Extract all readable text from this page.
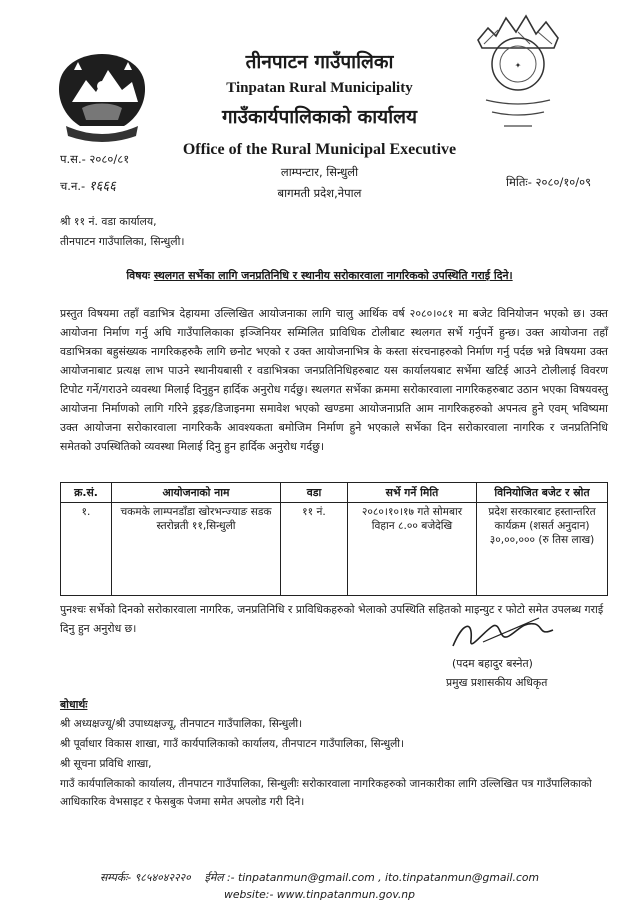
✦
तीनपाटन गाउँपालिका
Tinpatan Rural Municipality
गाउँकार्यपालिकाको कार्यालय
Office of the Rural Municipal Executive
लाम्पन्टार, सिन्धुली
बागमती प्रदेश,नेपाल
प.स.- २०८०/८१
च.न.- १६६६	मितिः- २०८०/१०/०९
श्री ११ नं. वडा कार्यालय,
तीनपाटन गाउँपालिका, सिन्धुली।
विषयः स्थलगत सर्भेका लागि जनप्रतिनिधि र स्थानीय सरोकारवाला नागरिकको उपस्थिति गराई दिने।
प्रस्तुत विषयमा तहाँ वडाभित्र देहायमा उल्लिखित आयोजनाका लागि चालु आर्थिक वर्ष २०८०।०८१ मा बजेट विनियोजन भएको छ। उक्त आयोजना निर्माण गर्नु अघि गाउँपालिकाका इञ्जिनियर सम्मिलित प्राविधिक टोलीबाट स्थलगत सर्भे गर्नुपर्ने हुन्छ। उक्त आयोजना तहाँ वडाभित्रका बहुसंख्यक नागरिकहरुकै लागि छनोट भएको र उक्त आयोजनाभित्र के कस्ता संरचनाहरुको निर्माण गर्नु पर्दछ भन्ने विषयमा उक्त आयोजनाबाट प्रत्यक्ष लाभ पाउने स्थानीयबासी र वडाभित्रका जनप्रतिनिधिहरुबाट यस कार्यालयबाट सर्भेमा खटिई आउने टोलीलाई विवरण टिपोट गर्ने/गराउने व्यवस्था मिलाई दिनुहुन हार्दिक अनुरोध गर्दछु। स्थलगत सर्भेका क्रममा सरोकारवाला नागरिकहरुबाट उठान भएका विषयवस्तु आयोजना निर्माणको लागि गरिने ड्रइङ/डिजाइनमा समावेश भएको खण्डमा आयोजनाप्रति आम नागरिकहरुको अपनत्व हुने एवम् भविष्यमा उक्त आयोजना सरोकारवाला नागरिककै आवश्यकता बमोजिम निर्माण हुने भएकाले सर्भेका दिन सरोकारवाला नागरिक र जनप्रतिनिधि समेतको उपस्थितिको व्यवस्था मिलाई दिनु हुन हार्दिक अनुरोध गर्दछु।
क्र.सं.	आयोजनाको नाम	वडा	सर्भे गर्ने मिति	विनियोजित बजेट र स्रोत
१.	चकमके लाम्पनडाँडा खोरभन्ज्याङ सडक स्तरोन्नती ११,सिन्धुली	११ नं.	२०८०।१०।१७ गते सोमबार विहान ८.०० बजेदेखि	प्रदेश सरकारबाट हस्तान्तरित कार्यक्रम (शसर्त अनुदान) ३०,००,००० (रु तिस लाख)
पुनश्चः सर्भेको दिनको सरोकारवाला नागरिक, जनप्रतिनिधि र प्राविधिकहरुको भेलाको उपस्थिति सहितको माइन्युट र फोटो समेत उपलब्ध गराई दिनु हुन अनुरोध छ।
(पदम बहादुर बस्नेत)
प्रमुख प्रशासकीय अधिकृत
बोधार्थः
श्री अध्यक्षज्यू/श्री उपाध्यक्षज्यू, तीनपाटन गाउँपालिका, सिन्धुली।
श्री पूर्वाधार विकास शाखा, गाउँ कार्यपालिकाको कार्यालय, तीनपाटन गाउँपालिका, सिन्धुली।
श्री सूचना प्रविधि शाखा,
गाउँ कार्यपालिकाको कार्यालय, तीनपाटन गाउँपालिका, सिन्धुलीः सरोकारवाला नागरिकहरुको जानकारीका लागि उल्लिखित पत्र गाउँपालिकाको आधिकारिक वेभसाइट र फेसबुक पेजमा समेत अपलोड गरी दिने।
सम्पर्कः- ९८५४०४२२२० ईमेल :- tinpatanmun@gmail.com , ito.tinpatanmun@gmail.com
website:- www.tinpatanmun.gov.np
